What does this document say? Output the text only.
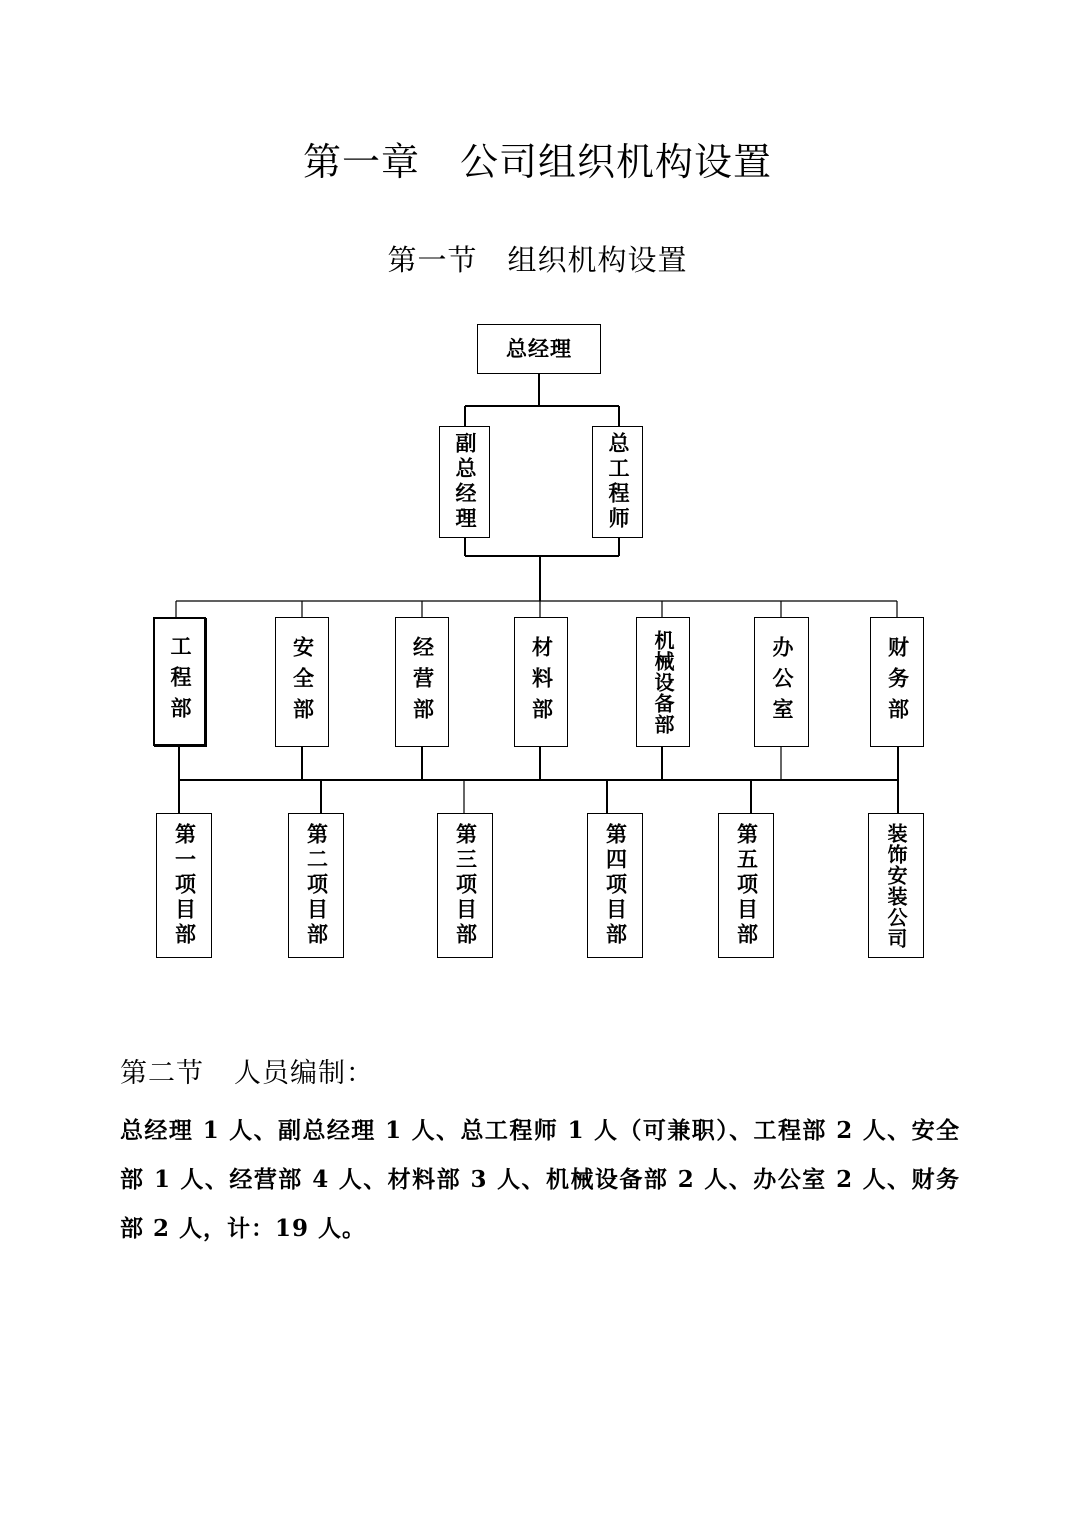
第一章 公司组织机构设置
第一节 组织机构设置
总经理
副总经理	总工程师
工程部	安全部	经营部	材料部	机械设备部	办公室	财务部
第一项目部	第二项目部	第三项目部	第四项目部	第五项目部	装饰安装公司
第二节 人员编制：
总经理 1 人、副总经理 1 人、总工程师 1 人（可兼职）、工程部 2 人、安全部 1 人、经营部 4 人、材料部 3 人、机械设备部 2 人、办公室 2 人、财务部 2 人，计：19 人。
